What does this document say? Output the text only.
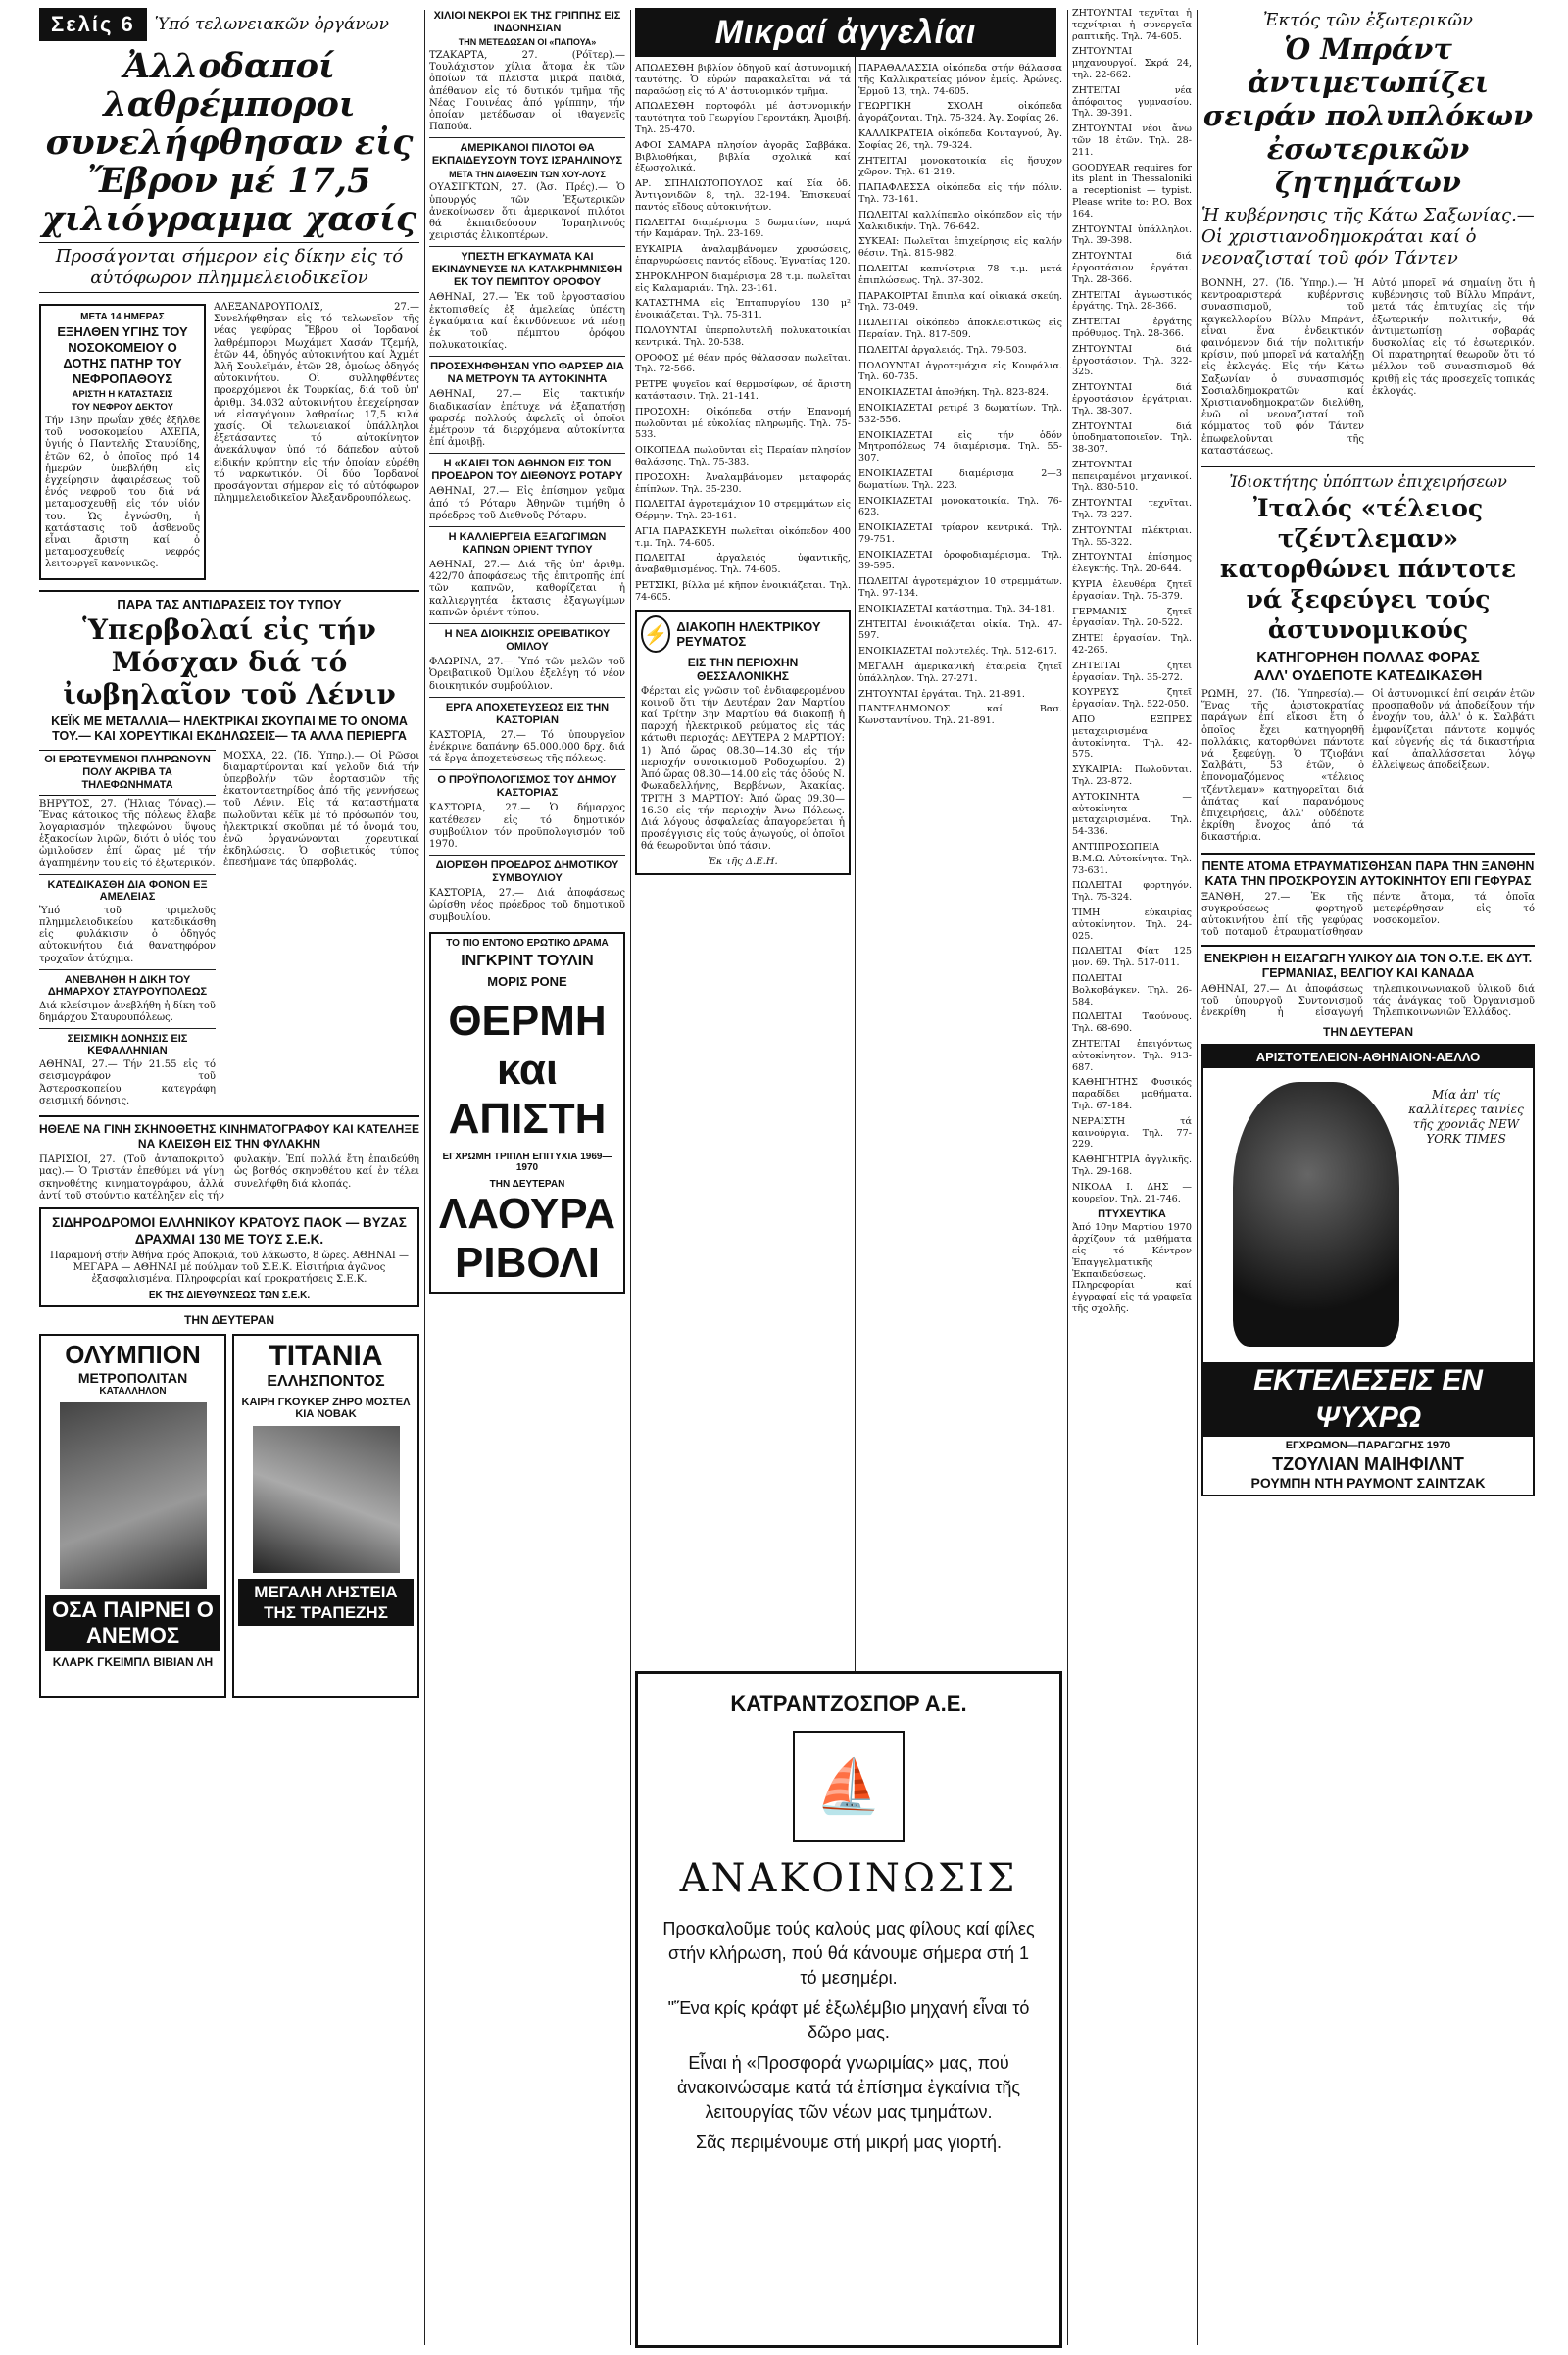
Σελίς 6	Ὑπό τελωνειακῶν ὀργάνων
Ἀλλοδαποί λαθρέμποροι συνελήφθησαν εἰς Ἔβρον μέ 17,5 χιλιόγραμμα χασίς
Προσάγονται σήμερον εἰς δίκην εἰς τό αὐτόφωρον πλημμελειοδικεῖον
ΜΕΤΑ 14 ΗΜΕΡΑΣ
ΕΞΗΛΘΕΝ ΥΓΙΗΣ ΤΟΥ ΝΟΣΟΚΟΜΕΙΟΥ Ο ΔΟΤΗΣ ΠΑΤΗΡ ΤΟΥ ΝΕΦΡΟΠΑΘΟΥΣ
ΑΡΙΣΤΗ Η ΚΑΤΑΣΤΑΣΙΣ
ΤΟΥ ΝΕΦΡΟΥ ΔΕΚΤΟΥ

Τήν 13ην πρωΐαν χθές ἐξῆλθε τοῦ νοσοκομείου ΑΧΕΠΑ, ὑγιής ὁ Παντελῆς Σταυρίδης, ἐτῶν 62, ὁ ὁποῖος πρό 14 ἡμερῶν ὑπεβλήθη εἰς ἐγχείρησιν ἀφαιρέσεως τοῦ ἑνός νεφροῦ του διά νά μεταμοσχευθῇ εἰς τόν υἱόν του. Ὡς ἐγνώσθη, ἡ κατάστασις τοῦ ἀσθενοῦς εἶναι ἄριστη καί ὁ μεταμοσχευθείς νεφρός λειτουργεῖ κανονικῶς.

ΑΛΕΞΑΝΔΡΟΥΠΟΛΙΣ, 27.— Συνελήφθησαν εἰς τό τελωνεῖον τῆς νέας γεφύρας Ἔβρου οἱ Ἰορδανοί λαθρέμποροι Μωχάμετ Χασάν Τζεμήλ, ἐτῶν 44, ὁδηγός αὐτοκινήτου καί Ἀχμέτ Ἀλῆ Σουλεϊμάν, ἐτῶν 28, ὁμοίως ὁδηγός αὐτοκινήτου. Οἱ συλληφθέντες προερχόμενοι ἐκ Τουρκίας, διά τοῦ ὑπ' ἀριθμ. 34.032 αὐτοκινήτου ἐπεχείρησαν νά εἰσαγάγουν λαθραίως 17,5 κιλά χασίς. Οἱ τελωνειακοί ὑπάλληλοι ἐξετάσαντες τό αὐτοκίνητον ἀνεκάλυψαν ὑπό τό δάπεδον αὐτοῦ εἰδικήν κρύπτην εἰς τήν ὁποίαν εὑρέθη τό ναρκωτικόν. Οἱ δύο Ἰορδανοί προσάγονται σήμερον εἰς τό αὐτόφωρον πλημμελειοδικεῖον Ἀλεξανδρουπόλεως.

ΠΑΡΑ ΤΑΣ ΑΝΤΙΔΡΑΣΕΙΣ ΤΟΥ ΤΥΠΟΥ
Ὑπερβολαί εἰς τήν Μόσχαν διά τό ἰωβηλαῖον τοῦ Λένιν
ΚΕΪΚ ΜΕ ΜΕΤΑΛΛΙΑ— ΗΛΕΚΤΡΙΚΑΙ ΣΚΟΥΠΑΙ ΜΕ ΤΟ ΟΝΟΜΑ ΤΟΥ.— ΚΑΙ ΧΟΡΕΥΤΙΚΑΙ ΕΚΔΗΛΩΣΕΙΣ— ΤΑ ΑΛΛΑ ΠΕΡΙΕΡΓΑ
ΟΙ ΕΡΩΤΕΥΜΕΝΟΙ ΠΛΗΡΩΝΟΥΝ ΠΟΛΥ ΑΚΡΙΒΑ ΤΑ ΤΗΛΕΦΩΝΗΜΑΤΑ

ΒΗΡΥΤΟΣ, 27. (Ἠλιας Τόνας).— Ἕνας κάτοικος τῆς πόλεως ἔλαβε λογαριασμόν τηλεφώνου ὕψους ἑξακοσίων λιρῶν, διότι ὁ υἱός του ὡμιλοῦσεν ἐπί ὥρας μέ τήν ἀγαπημένην του εἰς τό ἐξωτερικόν.

ΚΑΤΕΔΙΚΑΣΘΗ ΔΙΑ ΦΟΝΟΝ ΕΞ ΑΜΕΛΕΙΑΣ

Ὑπό τοῦ τριμελοῦς πλημμελειοδικείου κατεδικάσθη εἰς φυλάκισιν ὁ ὁδηγός αὐτοκινήτου διά θανατηφόρον τροχαῖον ἀτύχημα.

ΑΝΕΒΛΗΘΗ Η ΔΙΚΗ ΤΟΥ ΔΗΜΑΡΧΟΥ ΣΤΑΥΡΟΥΠΟΛΕΩΣ

Διά κλείσιμον ἀνεβλήθη ἡ δίκη τοῦ δημάρχου Σταυρουπόλεως.

ΣΕΙΣΜΙΚΗ ΔΟΝΗΣΙΣ ΕΙΣ ΚΕΦΑΛΛΗΝΙΑΝ

ΑΘΗΝΑΙ, 27.— Τήν 21.55 εἰς τό σεισμογράφον τοῦ Ἀστεροσκοπείου κατεγράφη σεισμική δόνησις.

ΜΟΣΧΑ, 22. (Ἰδ. Ὑπηρ.).— Οἱ Ρῶσοι διαμαρτύρονται καί γελοῦν διά τήν ὑπερβολήν τῶν ἑορτασμῶν τῆς ἑκατονταετηρίδος ἀπό τῆς γεννήσεως τοῦ Λένιν. Εἰς τά καταστήματα πωλοῦνται κέϊκ μέ τό πρόσωπόν του, ἠλεκτρικαί σκοῦπαι μέ τό ὄνομά του, ἐνῶ ὀργανώνονται χορευτικαί ἐκδηλώσεις. Ὁ σοβιετικός τύπος ἐπεσήμανε τάς ὑπερβολάς.

ΗΘΕΛΕ ΝΑ ΓΙΝΗ ΣΚΗΝΟΘΕΤΗΣ ΚΙΝΗΜΑΤΟΓΡΑΦΟΥ ΚΑΙ ΚΑΤΕΛΗΞΕ ΝΑ ΚΛΕΙΣΘΗ ΕΙΣ ΤΗΝ ΦΥΛΑΚΗΝ

ΠΑΡΙΣΙΟΙ, 27. (Τοῦ ἀνταποκριτοῦ μας).— Ὁ Τριστάν ἐπεθύμει νά γίνῃ σκηνοθέτης κινηματογράφου, ἀλλά ἀντί τοῦ στούντιο κατέληξεν εἰς τήν φυλακήν. Ἐπί πολλά ἔτη ἐπαιδεύθη ὡς βοηθός σκηνοθέτου καί ἐν τέλει συνελήφθη διά κλοπάς.

ΣΙΔΗΡΟΔΡΟΜΟΙ ΕΛΛΗΝΙΚΟΥ ΚΡΑΤΟΥΣ ΠΑΟΚ — ΒΥΖΑΣ ΔΡΑΧΜΑΙ 130 ΜΕ ΤΟΥΣ Σ.Ε.Κ.

Παραμονή στήν Ἀθήνα πρός Ἀποκριά, τοῦ λάκωστο, 8 ὥρες. ΑΘΗΝΑΙ — ΜΕΓΑΡΑ — ΑΘΗΝΑΙ μέ πούλμαν τοῦ Σ.Ε.Κ. Εἰσιτήρια ἀγῶνος ἐξασφαλισμένα. Πληροφορίαι καί προκρατήσεις Σ.Ε.Κ.

ΕΚ ΤΗΣ ΔΙΕΥΘΥΝΣΕΩΣ ΤΩΝ Σ.Ε.Κ.
ΤΗΝ ΔΕΥΤΕΡΑΝ
ΟΛΥΜΠΙΟΝ
ΜΕΤΡΟΠΟΛΙΤΑΝ
ΚΑΤΑΛΛΗΛΟΝ
ΟΣΑ ΠΑΙΡΝΕΙ Ο ΑΝΕΜΟΣ
ΚΛΑΡΚ ΓΚΕΙΜΠΛ ΒΙΒΙΑΝ ΛΗ
ΤΙΤΑΝΙΑ
ΕΛΛΗΣΠΟΝΤΟΣ
ΚΑΙΡΗ ΓΚΟΥΚΕΡ ΖΗΡΟ ΜΟΣΤΕΛ ΚΙΑ ΝΟΒΑΚ
ΜΕΓΑΛΗ ΛΗΣΤΕΙΑ ΤΗΣ ΤΡΑΠΕΖΗΣ
ΧΙΛΙΟΙ ΝΕΚΡΟΙ ΕΚ ΤΗΣ ΓΡΙΠΠΗΣ ΕΙΣ ΙΝΔΟΝΗΣΙΑΝ
ΤΗΝ ΜΕΤΕΔΩΣΑΝ ΟΙ «ΠΑΠΟΥΑ»

ΤΖΑΚΑΡΤΑ, 27. (Ρόϊτερ).— Τουλάχιστον χίλια ἄτομα ἐκ τῶν ὁποίων τά πλεῖστα μικρά παιδιά, ἀπέθανον εἰς τό δυτικόν τμῆμα τῆς Νέας Γουινέας ἀπό γρίππην, τήν ὁποίαν μετέδωσαν οἱ ιθαγενεῖς Παπούα.

ΑΜΕΡΙΚΑΝΟΙ ΠΙΛΟΤΟΙ ΘΑ ΕΚΠΑΙΔΕΥΣΟΥΝ ΤΟΥΣ ΙΣΡΑΗΛΙΝΟΥΣ
ΜΕΤΑ ΤΗΝ ΔΙΑΘΕΣΙΝ ΤΩΝ ΧΟΥ-ΛΟΥΣ

ΟΥΑΣΙΓΚΤΩΝ, 27. (Ἀσ. Πρές).— Ὁ ὑπουργός τῶν Ἐξωτερικῶν ἀνεκοίνωσεν ὅτι ἀμερικανοί πιλότοι θά ἐκπαιδεύσουν Ἰσραηλινούς χειριστάς ἐλικοπτέρων.

ΥΠΕΣΤΗ ΕΓΚΑΥΜΑΤΑ ΚΑΙ ΕΚΙΝΔΥΝΕΥΣΕ ΝΑ ΚΑΤΑΚΡΗΜΝΙΣΘΗ ΕΚ ΤΟΥ ΠΕΜΠΤΟΥ ΟΡΟΦΟΥ

ΑΘΗΝΑΙ, 27.— Ἐκ τοῦ ἐργοστασίου ἐκτοπισθείς ἐξ ἀμελείας ὑπέστη ἐγκαύματα καί ἐκινδύνευσε νά πέσῃ ἐκ τοῦ πέμπτου ὀρόφου πολυκατοικίας.

ΠΡΟΣΕΧΗΦΘΗΣΑΝ ΥΠΟ ΦΑΡΣΕΡ ΔΙΑ ΝΑ ΜΕΤΡΟΥΝ ΤΑ ΑΥΤΟΚΙΝΗΤΑ

ΑΘΗΝΑΙ, 27.— Εἰς τακτικήν διαδικασίαν ἐπέτυχε νά ἐξαπατήσῃ φαρσέρ πολλούς ἀφελεῖς οἱ ὁποῖοι ἐμέτρουν τά διερχόμενα αὐτοκίνητα ἐπί ἀμοιβῇ.

Η «ΚΑΙΕΙ ΤΩΝ ΑΘΗΝΩΝ ΕΙΣ ΤΩΝ ΠΡΟΕΔΡΟΝ ΤΟΥ ΔΙΕΘΝΟΥΣ ΡΟΤΑΡΥ

ΑΘΗΝΑΙ, 27.— Εἰς ἐπίσημον γεῦμα ἀπό τό Ρόταρυ Ἀθηνῶν τιμήθη ὁ πρόεδρος τοῦ Διεθνοῦς Ρόταρυ.

Η ΚΑΛΛΙΕΡΓΕΙΑ ΕΞΑΓΩΓΙΜΩΝ ΚΑΠΝΩΝ ΟΡΙΕΝΤ ΤΥΠΟΥ

ΑΘΗΝΑΙ, 27.— Διά τῆς ὑπ' ἀριθμ. 422/70 ἀποφάσεως τῆς ἐπιτροπῆς ἐπί τῶν καπνῶν, καθορίζεται ἡ καλλιεργητέα ἔκτασις ἐξαγωγίμων καπνῶν ὀριέντ τύπου.

Η ΝΕΑ ΔΙΟΙΚΗΣΙΣ ΟΡΕΙΒΑΤΙΚΟΥ ΟΜΙΛΟΥ

ΦΛΩΡΙΝΑ, 27.— Ὑπό τῶν μελῶν τοῦ Ὀρειβατικοῦ Ὀμίλου ἐξελέγη τό νέον διοικητικόν συμβούλιον.

ΕΡΓΑ ΑΠΟΧΕΤΕΥΣΕΩΣ ΕΙΣ ΤΗΝ ΚΑΣΤΟΡΙΑΝ

ΚΑΣΤΟΡΙΑ, 27.— Τό ὑπουργεῖον ἐνέκρινε δαπάνην 65.000.000 δρχ. διά τά ἔργα ἀποχετεύσεως τῆς πόλεως.

Ο ΠΡΟΫΠΟΛΟΓΙΣΜΟΣ ΤΟΥ ΔΗΜΟΥ ΚΑΣΤΟΡΙΑΣ

ΚΑΣΤΟΡΙΑ, 27.— Ὁ δήμαρχος κατέθεσεν εἰς τό δημοτικόν συμβούλιον τόν προϋπολογισμόν τοῦ 1970.

ΔΙΟΡΙΣΘΗ ΠΡΟΕΔΡΟΣ ΔΗΜΟΤΙΚΟΥ ΣΥΜΒΟΥΛΙΟΥ

ΚΑΣΤΟΡΙΑ, 27.— Διά ἀποφάσεως ὡρίσθη νέος πρόεδρος τοῦ δημοτικοῦ συμβουλίου.

ΤΟ ΠΙΟ ΕΝΤΟΝΟ ΕΡΩΤΙΚΟ ΔΡΑΜΑ
ΙΝΓΚΡΙΝΤ ΤΟΥΛΙΝ
ΜΟΡΙΣ ΡΟΝΕ
ΘΕΡΜΗ και ΑΠΙΣΤΗ
ΕΓΧΡΩΜΗ ΤΡΙΠΛΗ ΕΠΙΤΥΧΙΑ 1969—1970
ΤΗΝ ΔΕΥΤΕΡΑΝ
ΛΑΟΥΡΑ ΡΙΒΟΛΙ
Μικραί ἀγγελίαι

ΑΠΩΛΕΣΘΗ βιβλίον ὁδηγοῦ καί ἀστυνομική ταυτότης. Ὁ εὑρών παρακαλεῖται νά τά παραδώσῃ εἰς τό Α' ἀστυνομικόν τμῆμα.

ΑΠΩΛΕΣΘΗ πορτοφόλι μέ ἀστυνομικήν ταυτότητα τοῦ Γεωργίου Γεροντάκη. Ἀμοιβή. Τηλ. 25-470.

ΑΦΟΙ ΣΑΜΑΡΑ πλησίον ἀγορᾶς Σαββάκα. Βιβλιοθήκαι, βιβλία σχολικά καί ἐξωσχολικά.

ΑΡ. ΣΠΗΛΙΩΤΟΠΟΥΛΟΣ καί Σία ὁδ. Ἀντιγονιδῶν 8, τηλ. 32-194. Ἐπισκευαί παντός εἴδους αὐτοκινήτων.

ΠΩΛΕΙΤΑΙ διαμέρισμα 3 δωματίων, παρά τήν Καμάραν. Τηλ. 23-169.

ΕΥΚΑΙΡΙΑ ἀναλαμβάνομεν χρυσώσεις, ἐπαργυρώσεις παντός εἴδους. Ἐγνατίας 120.

ΣΗΡΟΚΛΗΡΟΝ διαμέρισμα 28 τ.μ. πωλεῖται εἰς Καλαμαριάν. Τηλ. 23-161.

ΚΑΤΑΣΤΗΜΑ εἰς Ἐπταπυργίου 130 μ² ἐνοικιάζεται. Τηλ. 75-311.

ΠΩΛΟΥΝΤΑΙ ὑπερπολυτελῆ πολυκατοικίαι κεντρικά. Τηλ. 20-538.

ΟΡΟΦΟΣ μέ θέαν πρός θάλασσαν πωλεῖται. Τηλ. 72-566.

ΡΕΤΡΕ ψυγεῖον καί θερμοσίφων, σέ ἄριστη κατάστασιν. Τηλ. 21-141.

ΠΡΟΣΟΧΗ: Οἰκόπεδα στήν Ἐπανομή πωλοῦνται μέ εὐκολίας πληρωμῆς. Τηλ. 75-533.

ΟΙΚΟΠΕΔΑ πωλοῦνται εἰς Περαίαν πλησίον θαλάσσης. Τηλ. 75-383.

ΠΡΟΣΟΧΗ: Ἀναλαμβάνομεν μεταφοράς ἐπίπλων. Τηλ. 35-230.

ΠΩΛΕΙΤΑΙ ἀγροτεμάχιον 10 στρεμμάτων εἰς Θέρμην. Τηλ. 23-161.

ΑΓΙΑ ΠΑΡΑΣΚΕΥΗ πωλεῖται οἰκόπεδον 400 τ.μ. Τηλ. 74-605.

ΠΩΛΕΙΤΑΙ ἀργαλειός ὑφαντικῆς, ἀναβαθμισμένος. Τηλ. 74-605.

ΡΕΤΣΙΚΙ, βίλλα μέ κῆπον ἐνοικιάζεται. Τηλ. 74-605.

⚡ ΔΙΑΚΟΠΗ ΗΛΕΚΤΡΙΚΟΥ ΡΕΥΜΑΤΟΣ
ΕΙΣ ΤΗΝ ΠΕΡΙΟΧΗΝ ΘΕΣΣΑΛΟΝΙΚΗΣ

Φέρεται εἰς γνῶσιν τοῦ ἐνδιαφερομένου κοινοῦ ὅτι τήν Δευτέραν 2αν Μαρτίου καί Τρίτην 3ην Μαρτίου θά διακοπῇ ἡ παροχή ἠλεκτρικοῦ ρεύματος εἰς τάς κάτωθι περιοχάς: ΔΕΥΤΕΡΑ 2 ΜΑΡΤΙΟΥ: 1) Ἀπό ὥρας 08.30—14.30 εἰς τήν περιοχήν συνοικισμοῦ Ροδοχωρίου. 2) Ἀπό ὥρας 08.30—14.00 εἰς τάς ὁδούς Ν. Φωκαδελλήνης, Βερβένων, Ἀκακίας. ΤΡΙΤΗ 3 ΜΑΡΤΙΟΥ: Ἀπό ὥρας 09.30—16.30 εἰς τήν περιοχήν Ἀνω Πόλεως. Διά λόγους ἀσφαλείας ἀπαγορεύεται ἡ προσέγγισις εἰς τούς ἀγωγούς, οἱ ὁποῖοι θά θεωροῦνται ὑπό τάσιν.

Ἐκ τῆς Δ.Ε.Η.

ΠΑΡΑΘΑΛΑΣΣΙΑ οἰκόπεδα στήν θάλασσα τῆς Καλλικρατείας μόνον ἐμείς. Ἀρώνες. Ἑρμοῦ 13, τηλ. 74-605.

ΓΕΩΡΓΙΚΗ ΣΧΟΛΗ οἰκόπεδα ἀγοράζονται. Τηλ. 75-324. Ἀγ. Σοφίας 26.

ΚΑΛΛΙΚΡΑΤΕΙΑ οἰκόπεδα Κονταγνού, Ἀγ. Σοφίας 26, τηλ. 79-324.

ΖΗΤΕΙΤΑΙ μονοκατοικία εἰς ἥσυχον χῶρον. Τηλ. 61-219.

ΠΑΠΑΦΛΕΣΣΑ οἰκόπεδα εἰς τήν πόλιν. Τηλ. 73-161.

ΠΩΛΕΙΤΑΙ καλλίπεπλο οἰκόπεδον εἰς τήν Χαλκιδικήν. Τηλ. 76-642.

ΣΥΚΕΑΙ: Πωλεῖται ἐπιχείρησις εἰς καλήν θέσιν. Τηλ. 815-982.

ΠΩΛΕΙΤΑΙ καπνίστρια 78 τ.μ. μετά ἐπιπλώσεως. Τηλ. 37-302.

ΠΑΡΑΚΟΙΡΤΑΙ ἔπιπλα καί οἰκιακά σκεύη. Τηλ. 73-049.

ΠΩΛΕΙΤΑΙ οἰκόπεδο ἀποκλειστικῶς εἰς Περαίαν. Τηλ. 817-509.

ΠΩΛΕΙΤΑΙ ἀργαλειός. Τηλ. 79-503.

ΠΩΛΟΥΝΤΑΙ ἀγροτεμάχια εἰς Κουφάλια. Τηλ. 60-735.

ΕΝΟΙΚΙΑΖΕΤΑΙ ἀποθήκη. Τηλ. 823-824.

ΕΝΟΙΚΙΑΖΕΤΑΙ ρετιρέ 3 δωματίων. Τηλ. 532-556.

ΕΝΟΙΚΙΑΖΕΤΑΙ εἰς τήν ὁδόν Μητροπόλεως 74 διαμέρισμα. Τηλ. 55-307.

ΕΝΟΙΚΙΑΖΕΤΑΙ διαμέρισμα 2—3 δωματίων. Τηλ. 223.

ΕΝΟΙΚΙΑΖΕΤΑΙ μονοκατοικία. Τηλ. 76-623.

ΕΝΟΙΚΙΑΖΕΤΑΙ τρίαρον κεντρικά. Τηλ. 79-751.

ΕΝΟΙΚΙΑΖΕΤΑΙ ὁροφοδιαμέρισμα. Τηλ. 39-595.

ΠΩΛΕΙΤΑΙ ἀγροτεμάχιον 10 στρεμμάτων. Τηλ. 97-134.

ΕΝΟΙΚΙΑΖΕΤΑΙ κατάστημα. Τηλ. 34-181.

ΖΗΤΕΙΤΑΙ ἐνοικιάζεται οἰκία. Τηλ. 47-597.

ΕΝΟΙΚΙΑΖΕΤΑΙ πολυτελές. Τηλ. 512-617.

ΜΕΓΑΛΗ ἀμερικανική ἑταιρεία ζητεῖ ὑπάλληλον. Τηλ. 27-271.

ΖΗΤΟΥΝΤΑΙ ἐργάται. Τηλ. 21-891.

ΠΑΝΤΕΛΗΜΩΝΟΣ καί Βασ. Κωνσταντίνου. Τηλ. 21-891.

ΚΑΤΡΑΝΤΖΟΣΠΟΡ Α.Ε.
⛵
ΑΝΑΚΟΙΝΩΣΙΣ

Προσκαλοῦμε τούς καλούς μας φίλους καί φίλες στήν κλήρωση, πού θά κάνουμε σήμερα στή 1 τό μεσημέρι.

"Ἕνα κρίς κράφτ μέ ἐξωλέμβιο μηχανή εἶναι τό δῶρο μας.

Εἶναι ἡ «Προσφορά γνωριμίας» μας, πού ἀνακοινώσαμε κατά τά ἐπίσημα ἐγκαίνια τῆς λειτουργίας τῶν νέων μας τμημάτων.

Σᾶς περιμένουμε στή μικρή μας γιορτή.

ΖΗΤΟΥΝΤΑΙ τεχνῖται ἡ τεχνίτριαι ἡ συνεργεῖα ραπτικῆς. Τηλ. 74-605.

ΖΗΤΟΥΝΤΑΙ μηχανουργοί. Σκρά 24, τηλ. 22-662.

ΖΗΤΕΙΤΑΙ νέα ἀπόφοιτος γυμνασίου. Τηλ. 39-391.

ΖΗΤΟΥΝΤΑΙ νέοι ἄνω τῶν 18 ἐτῶν. Τηλ. 28-211.

GOODYEAR requires for its plant in Thessaloniki a receptionist — typist. Please write to: P.O. Box 164.

ΖΗΤΟΥΝΤΑΙ ὑπάλληλοι. Τηλ. 39-398.

ΖΗΤΟΥΝΤΑΙ διά ἐργοστάσιον ἐργάται. Τηλ. 28-366.

ΖΗΤΕΙΤΑΙ ἀγνωστικός ἐργάτης. Τηλ. 28-366.

ΖΗΤΕΙΤΑΙ ἐργάτης πρόθυμος. Τηλ. 28-366.

ΖΗΤΟΥΝΤΑΙ διά ἐργοστάσιον. Τηλ. 322-325.

ΖΗΤΟΥΝΤΑΙ διά ἐργοστάσιον ἐργάτριαι. Τηλ. 38-307.

ΖΗΤΟΥΝΤΑΙ διά ὑποδηματοποιεῖον. Τηλ. 38-307.

ΖΗΤΟΥΝΤΑΙ πεπειραμένοι μηχανικοί. Τηλ. 830-510.

ΖΗΤΟΥΝΤΑΙ τεχνῖται. Τηλ. 73-227.

ΖΗΤΟΥΝΤΑΙ πλέκτριαι. Τηλ. 55-322.

ΖΗΤΟΥΝΤΑΙ ἐπίσημος ἐλεγκτής. Τηλ. 20-644.

ΚΥΡΙΑ ἐλευθέρα ζητεῖ ἐργασίαν. Τηλ. 75-379.

ΓΕΡΜΑΝΙΣ ζητεῖ ἐργασίαν. Τηλ. 20-522.

ΖΗΤΕΙ ἐργασίαν. Τηλ. 42-265.

ΖΗΤΕΙΤΑΙ ζητεῖ ἐργασίαν. Τηλ. 35-272.

ΚΟΥΡΕΥΣ ζητεῖ ἐργασίαν. Τηλ. 522-050.

ΑΠΟ ΕΞΠΡΕΣ μεταχειρισμένα ἀυτοκίνητα. Τηλ. 42-575.

ΣΥΚΑΙΡΙΑ: Πωλοῦνται. Τηλ. 23-872.

ΑΥΤΟΚΙΝΗΤΑ — αὐτοκίνητα μεταχειρισμένα. Τηλ. 54-336.

ΑΝΤΙΠΡΟΣΩΠΕΙΑ Β.Μ.Ω. Αὐτοκίνητα. Τηλ. 73-631.

ΠΩΛΕΙΤΑΙ φορτηγόν. Τηλ. 75-324.

ΤΙΜΗ εὐκαιρίας αὐτοκίνητον. Τηλ. 24-025.

ΠΩΛΕΙΤΑΙ Φίατ 125 μον. 69. Τηλ. 517-011.

ΠΩΛΕΙΤΑΙ Βολκσβάγκεν. Τηλ. 26-584.

ΠΩΛΕΙΤΑΙ Ταούνους. Τηλ. 68-690.

ΖΗΤΕΙΤΑΙ ἐπειγόντως αὐτοκίνητον. Τηλ. 913-687.

ΚΑΘΗΓΗΤΗΣ Φυσικός παραδίδει μαθήματα. Τηλ. 67-184.

ΝΕΡΑΙΣΤΗ τά καινούργια. Τηλ. 77-229.

ΚΑΘΗΓΗΤΡΙΑ ἀγγλικῆς. Τηλ. 29-168.

ΝΙΚΟΛΑ Ι. ΔΗΣ — κουρεῖον. Τηλ. 21-746.

ΠΤΥΧΕΥΤΙΚΑ

Ἀπό 10ην Μαρτίου 1970 ἀρχίζουν τά μαθήματα εἰς τό Κέντρον Ἐπαγγελματικῆς Ἐκπαιδεύσεως. Πληροφορίαι καί ἐγγραφαί εἰς τά γραφεῖα τῆς σχολῆς.

Ἐκτός τῶν ἐξωτερικῶν
Ὁ Μπράντ ἀντιμετωπίζει σειράν πολυπλόκων ἐσωτερικῶν ζητημάτων
Ἡ κυβέρνησις τῆς Κάτω Σαξωνίας.— Οἱ χριστιανοδημοκράται καί ὁ νεοναζισταί τοῦ φόν Τάντεν

ΒΟΝΝΗ, 27. (Ἰδ. Ὑπηρ.).— Ἡ κεντροαριστερά κυβέρνησις συνασπισμοῦ, τοῦ καγκελλαρίου Βίλλυ Μπράντ, εἶναι ἕνα ἐνδεικτικόν φαινόμενον διά τήν πολιτικήν κρίσιν, πού μπορεῖ νά καταλήξῃ εἰς ἐκλογάς. Εἰς τήν Κάτω Σαξωνίαν ὁ συνασπισμός Σοσιαλδημοκρατῶν καί Χριστιανοδημοκρατῶν διελύθη, ἐνῶ οἱ νεοναζισταί τοῦ κόμματος τοῦ φόν Τάντεν ἐπωφελοῦνται τῆς καταστάσεως.

Αὐτό μπορεῖ νά σημαίνῃ ὅτι ἡ κυβέρνησις τοῦ Βίλλυ Μπράντ, μετά τάς ἐπιτυχίας εἰς τήν ἐξωτερικήν πολιτικήν, θά ἀντιμετωπίσῃ σοβαράς δυσκολίας εἰς τό ἐσωτερικόν. Οἱ παρατηρηταί θεωροῦν ὅτι τό μέλλον τοῦ συνασπισμοῦ θά κριθῇ εἰς τάς προσεχεῖς τοπικάς ἐκλογάς.

Ἰδιοκτήτης ὑπόπτων ἐπιχειρήσεων
Ἰταλός «τέλειος τζέντλεμαν» κατορθώνει πάντοτε νά ξεφεύγει τούς ἀστυνομικούς
ΚΑΤΗΓΟΡΗΘΗ ΠΟΛΛΑΣ ΦΟΡΑΣ
ΑΛΛ' ΟΥΔΕΠΟΤΕ ΚΑΤΕΔΙΚΑΣΘΗ

ΡΩΜΗ, 27. (Ἰδ. Ὑπηρεσία).— Ἕνας τῆς ἀριστοκρατίας παράγων ἐπί εἴκοσι ἔτη ὁ ὁποῖος ἔχει κατηγορηθῆ πολλάκις, κατορθώνει πάντοτε νά ξεφεύγῃ. Ὁ Τζιοβάνι Σαλβάτι, 53 ἐτῶν, ὁ ἐπονομαζόμενος «τέλειος τζέντλεμαν» κατηγορεῖται διά ἀπάτας καί παρανόμους ἐπιχειρήσεις, ἀλλ' οὐδέποτε ἐκρίθη ἔνοχος ἀπό τά δικαστήρια.

Οἱ ἀστυνομικοί ἐπί σειράν ἐτῶν προσπαθοῦν νά ἀποδείξουν τήν ἐνοχήν του, ἀλλ' ὁ κ. Σαλβάτι ἐμφανίζεται πάντοτε κομψός καί εὐγενής εἰς τά δικαστήρια καί ἀπαλλάσσεται λόγῳ ἐλλείψεως ἀποδείξεων.

ΠΕΝΤΕ ΑΤΟΜΑ ΕΤΡΑΥΜΑΤΙΣΘΗΣΑΝ ΠΑΡΑ ΤΗΝ ΞΑΝΘΗΝ ΚΑΤΑ ΤΗΝ ΠΡΟΣΚΡΟΥΣΙΝ ΑΥΤΟΚΙΝΗΤΟΥ ΕΠΙ ΓΕΦΥΡΑΣ

ΞΑΝΘΗ, 27.— Ἐκ τῆς συγκρούσεως φορτηγοῦ αὐτοκινήτου ἐπί τῆς γεφύρας τοῦ ποταμοῦ ἐτραυματίσθησαν πέντε ἄτομα, τά ὁποῖα μετεφέρθησαν εἰς τό νοσοκομεῖον.

ΕΝΕΚΡΙΘΗ Η ΕΙΣΑΓΩΓΗ ΥΛΙΚΟΥ ΔΙΑ ΤΟΝ Ο.Τ.Ε. ΕΚ ΔΥΤ. ΓΕΡΜΑΝΙΑΣ, ΒΕΛΓΙΟΥ ΚΑΙ ΚΑΝΑΔΑ

ΑΘΗΝΑΙ, 27.— Δι' ἀποφάσεως τοῦ ὑπουργοῦ Συντονισμοῦ ἐνεκρίθη ἡ εἰσαγωγή τηλεπικοινωνιακοῦ ὑλικοῦ διά τάς ἀνάγκας τοῦ Ὀργανισμοῦ Τηλεπικοινωνιῶν Ἑλλάδος.

ΤΗΝ ΔΕΥΤΕΡΑΝ
ΑΡΙΣΤΟΤΕΛΕΙΟΝ-ΑΘΗΝΑΙΟΝ-ΑΕΛΛΟ
Μία ἀπ' τίς καλλίτερες ταινίες τῆς χρονιᾶς NEW YORK TIMES
ΕΚΤΕΛΕΣΕΙΣ ΕΝ ΨΥΧΡΩ
ΕΓΧΡΩΜΟΝ—ΠΑΡΑΓΩΓΗΣ 1970
ΤΖΟΥΛΙΑΝ ΜΑΙΗΦΙΛΝΤ
ΡΟΥΜΠΗ ΝΤΗ ΡΑΥΜΟΝΤ ΣΑΙΝΤΖΑΚ
